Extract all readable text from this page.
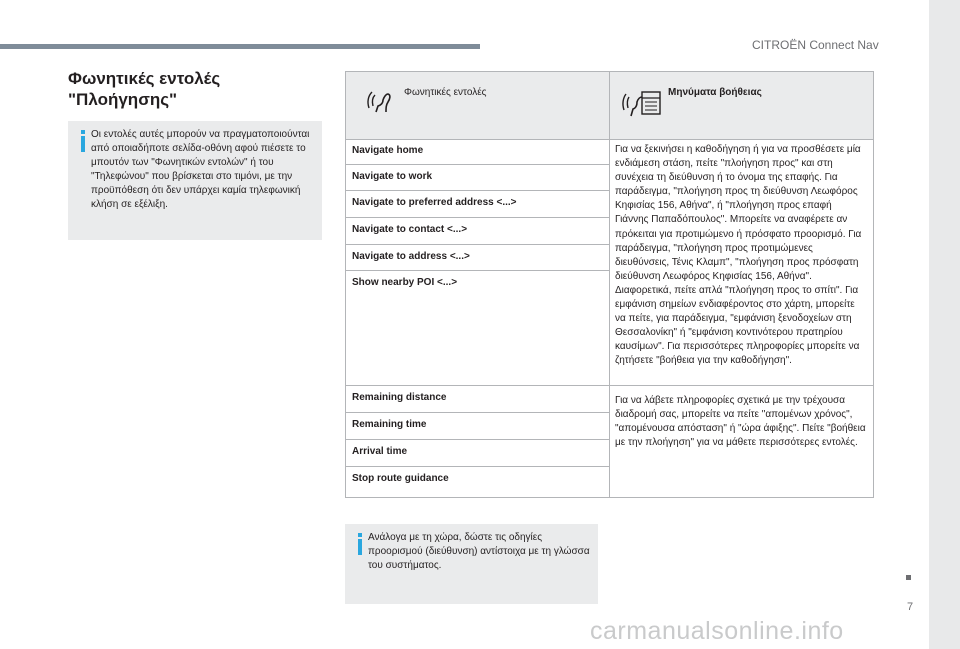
CITROËN Connect Nav
Φωνητικές εντολές
"Πλοήγησης"
Οι εντολές αυτές μπορούν να πραγματοποιούνται από οποιαδήποτε σελίδα-οθόνη αφού πιέσετε το μπουτόν των "Φωνητικών εντολών" ή του "Τηλεφώνου" που βρίσκεται στο τιμόνι, με την προϋπόθεση ότι δεν υπάρχει καμία τηλεφωνική κλήση σε εξέλιξη.
Φωνητικές εντολές	Μηνύματα βοήθειας
Navigate home
Navigate to work
Navigate to preferred address <...>
Navigate to contact <...>
Navigate to address <...>
Show nearby POI <...>
Για να ξεκινήσει η καθοδήγηση ή για να προσθέσετε μία ενδιάμεση στάση, πείτε "πλοήγηση προς" και στη συνέχεια τη διεύθυνση ή το όνομα της επαφής. Για παράδειγμα, "πλοήγηση προς τη διεύθυνση Λεωφόρος Κηφισίας 156, Αθήνα", ή "πλοήγηση προς επαφή Γιάννης Παπαδόπουλος". Μπορείτε να αναφέρετε αν πρόκειται για προτιμώμενο ή πρόσφατο προορισμό. Για παράδειγμα, "πλοήγηση προς προτιμώμενες διευθύνσεις, Τένις Κλαμπ", "πλοήγηση προς πρόσφατη διεύθυνση Λεωφόρος Κηφισίας 156, Αθήνα". Διαφορετικά, πείτε απλά "πλοήγηση προς το σπίτι". Για εμφάνιση σημείων ενδιαφέροντος στο χάρτη, μπορείτε να πείτε, για παράδειγμα, "εμφάνιση ξενοδοχείων στη Θεσσαλονίκη" ή "εμφάνιση κοντινότερου πρατηρίου καυσίμων". Για περισσότερες πληροφορίες μπορείτε να ζητήσετε "βοήθεια για την καθοδήγηση".
Remaining distance
Remaining time
Arrival time
Stop route guidance
Για να λάβετε πληροφορίες σχετικά με την τρέχουσα διαδρομή σας, μπορείτε να πείτε "απομένων χρόνος", "απομένουσα απόσταση" ή "ώρα άφιξης". Πείτε "βοήθεια με την πλοήγηση" για να μάθετε περισσότερες εντολές.
Ανάλογα με τη χώρα, δώστε τις οδηγίες προορισμού (διεύθυνση) αντίστοιχα με τη γλώσσα του συστήματος.
7
carmanualsonline.info
